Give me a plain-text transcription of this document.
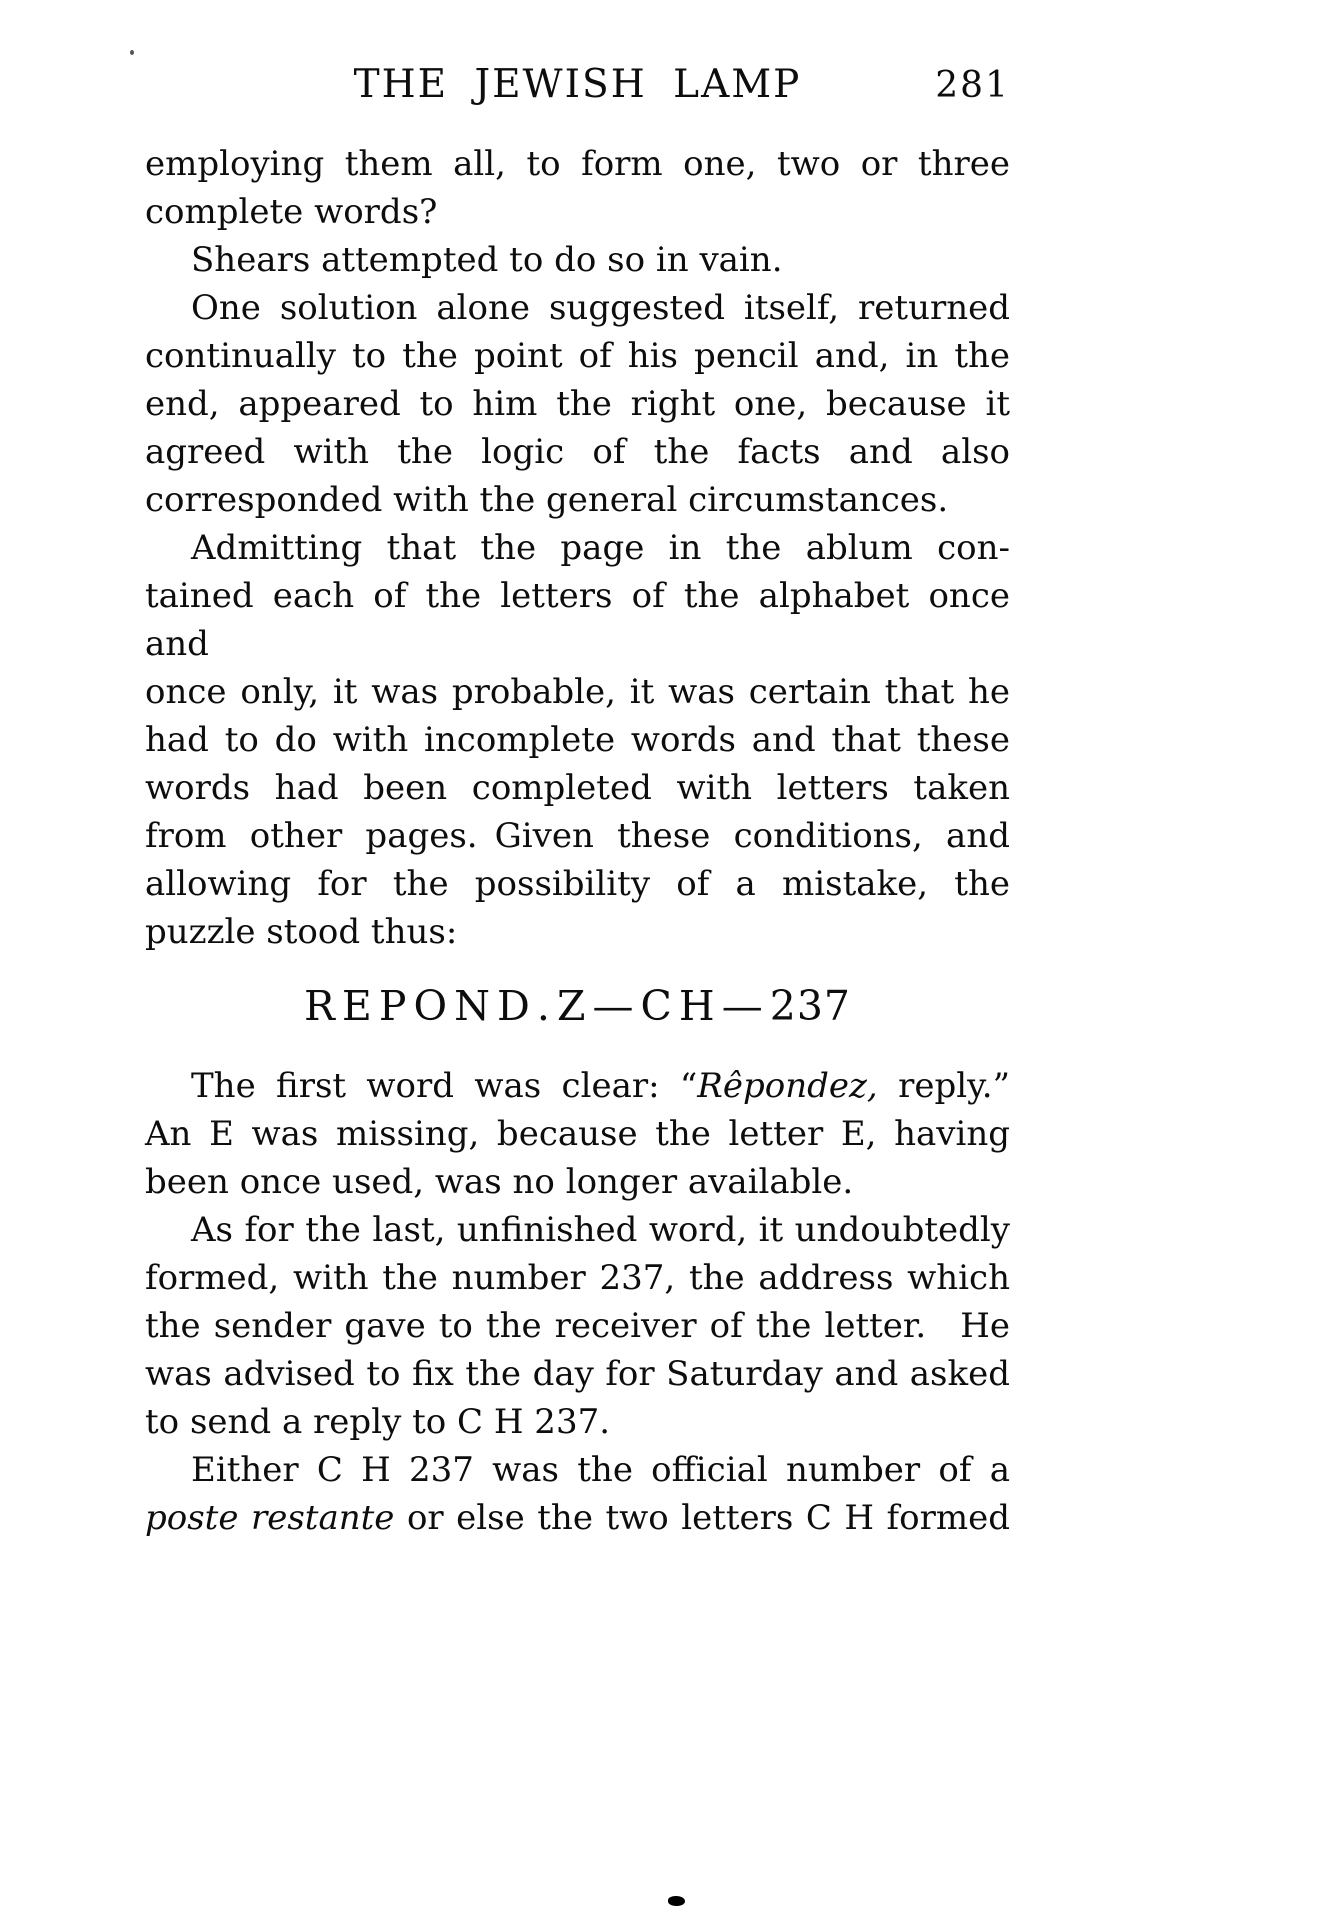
THE JEWISH LAMP	281
employing them all, to form one, two or three
complete words?
Shears attempted to do so in vain.
One solution alone suggested itself, returned
continually to the point of his pencil and, in the
end, appeared to him the right one, because it
agreed with the logic of the facts and also
corresponded with the general circumstances.
Admitting that the page in the ablum con-
tained each of the letters of the alphabet once and
once only, it was probable, it was certain that he
had to do with incomplete words and that these
words had been completed with letters taken
from other pages. Given these conditions, and
allowing for the possibility of a mistake, the
puzzle stood thus:
R E P O N D . Z — C H — 237
The first word was clear: “Rêpondez, reply.”
An E was missing, because the letter E, having
been once used, was no longer available.
As for the last, unfinished word, it undoubtedly
formed, with the number 237, the address which
the sender gave to the receiver of the letter. He
was advised to fix the day for Saturday and asked
to send a reply to C H 237.
Either C H 237 was the official number of a
poste restante or else the two letters C H formed
